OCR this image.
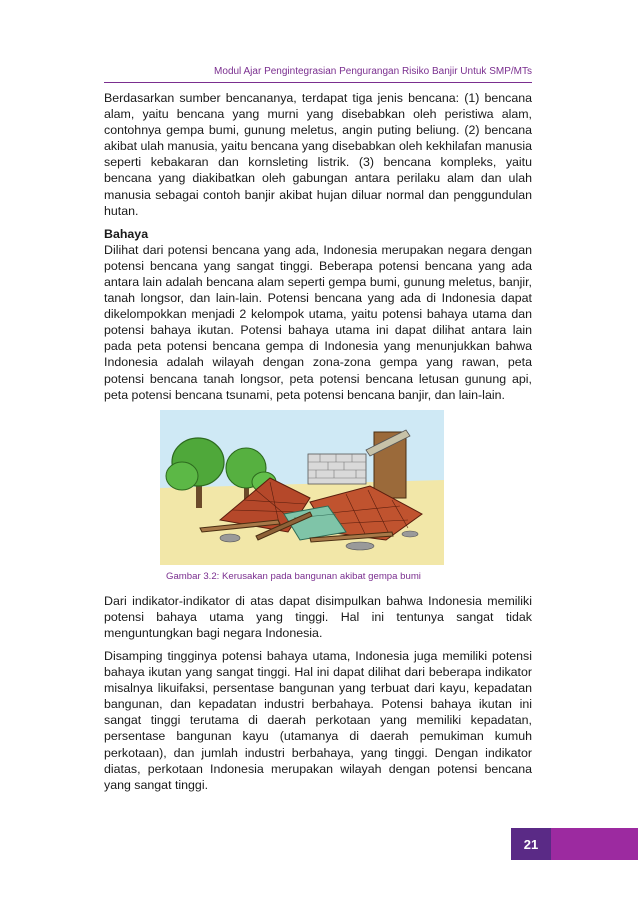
Modul Ajar Pengintegrasian Pengurangan Risiko Banjir Untuk SMP/MTs

Berdasarkan sumber bencananya, terdapat tiga jenis bencana: (1) bencana alam, yaitu bencana yang murni yang disebabkan oleh peristiwa alam, contohnya gempa bumi, gunung meletus, angin puting beliung. (2) bencana akibat ulah manusia, yaitu bencana yang disebabkan oleh kekhilafan manusia seperti kebakaran dan kornsleting listrik. (3) bencana kompleks, yaitu bencana yang diakibatkan oleh gabungan antara perilaku alam dan ulah manusia sebagai contoh banjir akibat hujan diluar normal dan penggundulan hutan.

Bahaya

Dilihat dari potensi bencana yang ada, Indonesia merupakan negara dengan potensi bencana yang sangat tinggi. Beberapa potensi bencana yang ada antara lain adalah bencana alam seperti gempa bumi, gunung meletus, banjir, tanah longsor, dan lain-lain. Potensi bencana yang ada di Indonesia dapat dikelompokkan menjadi 2 kelompok utama, yaitu potensi bahaya utama dan potensi bahaya ikutan. Potensi bahaya utama ini dapat dilihat antara lain pada peta potensi bencana gempa di Indonesia yang menunjukkan bahwa Indonesia adalah wilayah dengan zona-zona gempa yang rawan, peta potensi bencana tanah longsor, peta potensi bencana letusan gunung api, peta potensi bencana tsunami, peta potensi bencana banjir, dan lain-lain.

Gambar 3.2: Kerusakan pada bangunan akibat gempa bumi

Dari indikator-indikator di atas dapat disimpulkan bahwa Indonesia memiliki potensi bahaya utama yang tinggi. Hal ini tentunya sangat tidak menguntungkan bagi negara Indonesia.

Disamping tingginya potensi bahaya utama, Indonesia juga memiliki potensi bahaya ikutan yang sangat tinggi. Hal ini dapat dilihat dari beberapa indikator misalnya likuifaksi, persentase bangunan yang terbuat dari kayu, kepadatan bangunan, dan kepadatan industri berbahaya. Potensi bahaya ikutan ini sangat tinggi terutama di daerah perkotaan yang memiliki kepadatan, persentase bangunan kayu (utamanya di daerah pemukiman kumuh perkotaan), dan jumlah industri berbahaya, yang tinggi. Dengan indikator diatas, perkotaan Indonesia merupakan wilayah dengan potensi bencana yang sangat tinggi.

21
